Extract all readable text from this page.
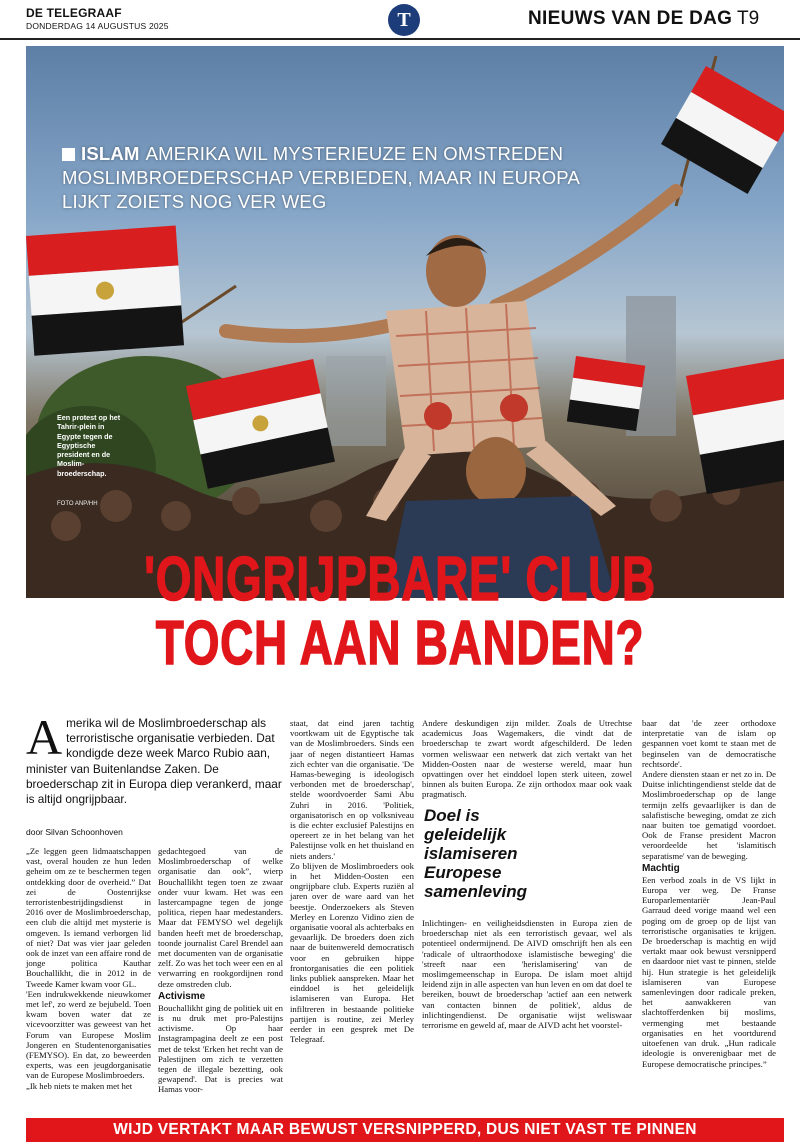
DE TELEGRAAF
DONDERDAG 14 AUGUSTUS 2025	T	NIEUWS VAN DE DAG T9
ISLAM AMERIKA WIL MYSTERIEUZE EN OMSTREDEN MOSLIMBROEDERSCHAP VERBIEDEN, MAAR IN EUROPA LIJKT ZOIETS NOG VER WEG
Een protest op het Tahrir-plein in Egypte tegen de Egyptische president en de Moslim-broederschap.
FOTO ANP/HH
'ONGRIJPBARE' CLUB
TOCH AAN BANDEN?
Amerika wil de Moslimbroederschap als terroristische organisatie verbieden. Dat kondigde deze week Marco Rubio aan, minister van Buitenlandse Zaken. De broederschap zit in Europa diep verankerd, maar is altijd ongrijpbaar.
door Silvan Schoonhoven

„Ze leggen geen lidmaatschappen vast, overal houden ze hun leden geheim om ze te beschermen tegen ontdekking door de overheid.” Dat zei de Oostenrijkse terroristenbestrijdingsdienst in 2016 over de Moslimbroederschap, een club die altijd met mysterie is omgeven. Is iemand verborgen lid of niet? Dat was vier jaar geleden ook de inzet van een affaire rond de jonge politica Kauthar Bouchallikht, die in 2012 in de Tweede Kamer kwam voor GL.

'Een indrukwekkende nieuwkomer met lef', zo werd ze bejubeld. Toen kwam boven water dat ze vicevoorzitter was geweest van het Forum van Europese Moslim Jongeren en Studentenorganisaties (FEMYSO). En dat, zo beweerden experts, was een jeugdorganisatie van de Europese Moslimbroeders.

„Ik heb niets te maken met het

gedachtegoed van de Moslimbroederschap of welke organisatie dan ook”, wierp Bouchallikht tegen toen ze zwaar onder vuur kwam. Het was een lastercampagne tegen de jonge politica, riepen haar medestanders. Maar dat FEMYSO wel degelijk banden heeft met de broederschap, toonde journalist Carel Brendel aan met documenten van de organisatie zelf. Zo was het toch weer een en al verwarring en rookgordijnen rond deze omstreden club.

Activisme

Bouchallikht ging de politiek uit en is nu druk met pro-Palestijns activisme. Op haar Instagrampagina deelt ze een post met de tekst 'Erken het recht van de Palestijnen om zich te verzetten tegen de illegale bezetting, ook gewapend'. Dat is precies wat Hamas voor-

staat, dat eind jaren tachtig voortkwam uit de Egyptische tak van de Moslimbroeders. Sinds een jaar of negen distantieert Hamas zich echter van die organisatie. 'De Hamas-beweging is ideologisch verbonden met de broederschap', stelde woordvoerder Sami Abu Zuhri in 2016. 'Politiek, organisatorisch en op volksniveau is die echter exclusief Palestijns en opereert ze in het belang van het Palestijnse volk en het thuisland en niets anders.'

Zo blijven de Moslimbroeders ook in het Midden-Oosten een ongrijpbare club. Experts ruziën al jaren over de ware aard van het beestje. Onderzoekers als Steven Merley en Lorenzo Vidino zien de organisatie vooral als achterbaks en gevaarlijk. De broeders doen zich naar de buitenwereld democratisch voor en gebruiken hippe frontorganisaties die een politiek links publiek aanspreken. Maar het einddoel is het geleidelijk islamiseren van Europa. Het infiltreren in bestaande politieke partijen is routine, zei Merley eerder in een gesprek met De Telegraaf.

Andere deskundigen zijn milder. Zoals de Utrechtse academicus Joas Wagemakers, die vindt dat de broederschap te zwart wordt afgeschilderd. De leden vormen weliswaar een netwerk dat zich vertakt van het Midden-Oosten naar de westerse wereld, maar hun opvattingen over het einddoel lopen sterk uiteen, zowel binnen als buiten Europa. Ze zijn orthodox maar ook vaak pragmatisch.

Inlichtingen- en veiligheidsdiensten in Europa zien de broederschap niet als een terroristisch gevaar, wel als potentieel ondermijnend. De AIVD omschrijft hen als een 'radicale of ultraorthodoxe islamistische beweging' die 'streeft naar een 'herislamisering' van de moslimgemeenschap in Europa. De islam moet altijd leidend zijn in alle aspecten van hun leven en om dat doel te bereiken, bouwt de broederschap 'actief aan een netwerk van contacten binnen de politiek', aldus de inlichtingendienst. De organisatie wijst weliswaar terrorisme en geweld af, maar de AIVD acht het voorstel-

Doel is geleidelijk islamiseren Europese samenleving

baar dat 'de zeer orthodoxe interpretatie van de islam op gespannen voet komt te staan met de beginselen van de democratische rechtsorde'.

Andere diensten staan er net zo in. De Duitse inlichtingendienst stelde dat de Moslimbroederschap op de lange termijn zelfs gevaarlijker is dan de salafistische beweging, omdat ze zich naar buiten toe gematigd voordoet. Ook de Franse president Macron veroordeelde het 'islamitisch separatisme' van de beweging.

Machtig

Een verbod zoals in de VS lijkt in Europa ver weg. De Franse Europarlementariër Jean-Paul Garraud deed vorige maand wel een poging om de groep op de lijst van terroristische organisaties te krijgen. De broederschap is machtig en wijd vertakt maar ook bewust versnipperd en daardoor niet vast te pinnen, stelde hij. Hun strategie is het geleidelijk islamiseren van Europese samenlevingen door radicale preken, het aanwakkeren van slachtofferdenken bij moslims, vermenging met bestaande organisaties en het voortdurend uitoefenen van druk. „Hun radicale ideologie is onverenigbaar met de Europese democratische principes.”

WIJD VERTAKT MAAR BEWUST VERSNIPPERD, DUS NIET VAST TE PINNEN
